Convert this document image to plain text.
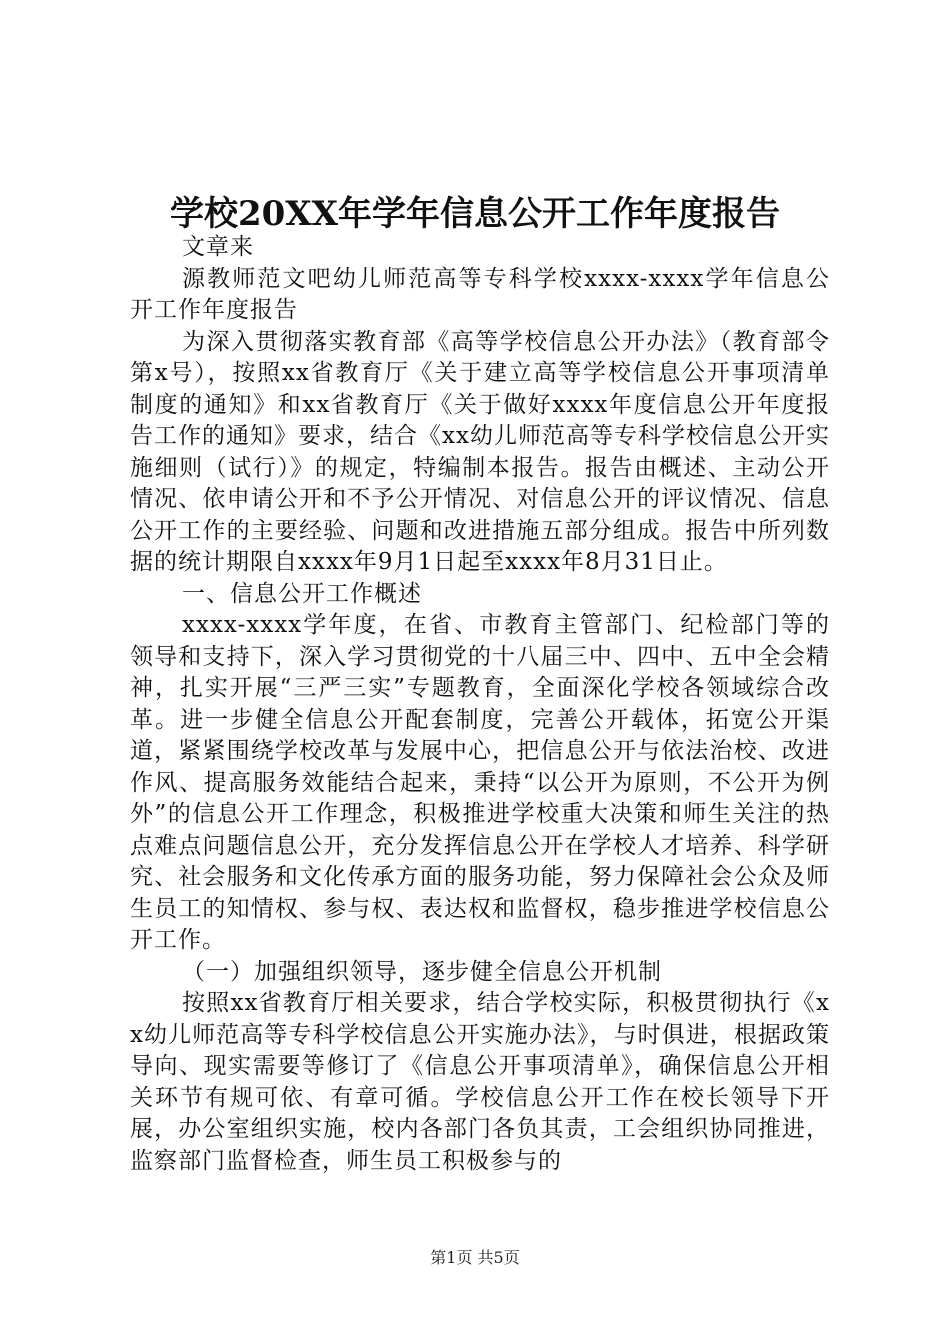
学校20XX年学年信息公开工作年度报告

文章来

源教师范文吧幼儿师范高等专科学校xxxx-xxxx学年信息公开工作年度报告

为深入贯彻落实教育部《高等学校信息公开办法》（教育部令第x号），按照xx省教育厅《关于建立高等学校信息公开事项清单制度的通知》和xx省教育厅《关于做好xxxx年度信息公开年度报告工作的通知》要求，结合《xx幼儿师范高等专科学校信息公开实施细则（试行）》的规定，特编制本报告。报告由概述、主动公开情况、依申请公开和不予公开情况、对信息公开的评议情况、信息公开工作的主要经验、问题和改进措施五部分组成。报告中所列数据的统计期限自xxxx年9月1日起至xxxx年8月31日止。

一、信息公开工作概述

xxxx-xxxx学年度，在省、市教育主管部门、纪检部门等的领导和支持下，深入学习贯彻党的十八届三中、四中、五中全会精神，扎实开展“三严三实”专题教育，全面深化学校各领域综合改革。进一步健全信息公开配套制度，完善公开载体，拓宽公开渠道，紧紧围绕学校改革与发展中心，把信息公开与依法治校、改进作风、提高服务效能结合起来，秉持“以公开为原则，不公开为例外”的信息公开工作理念，积极推进学校重大决策和师生关注的热点难点问题信息公开，充分发挥信息公开在学校人才培养、科学研究、社会服务和文化传承方面的服务功能，努力保障社会公众及师生员工的知情权、参与权、表达权和监督权，稳步推进学校信息公开工作。

（一）加强组织领导，逐步健全信息公开机制

按照xx省教育厅相关要求，结合学校实际，积极贯彻执行《xx幼儿师范高等专科学校信息公开实施办法》，与时俱进，根据政策导向、现实需要等修订了《信息公开事项清单》，确保信息公开相关环节有规可依、有章可循。学校信息公开工作在校长领导下开展，办公室组织实施，校内各部门各负其责，工会组织协同推进，监察部门监督检查，师生员工积极参与的

第1页 共5页
